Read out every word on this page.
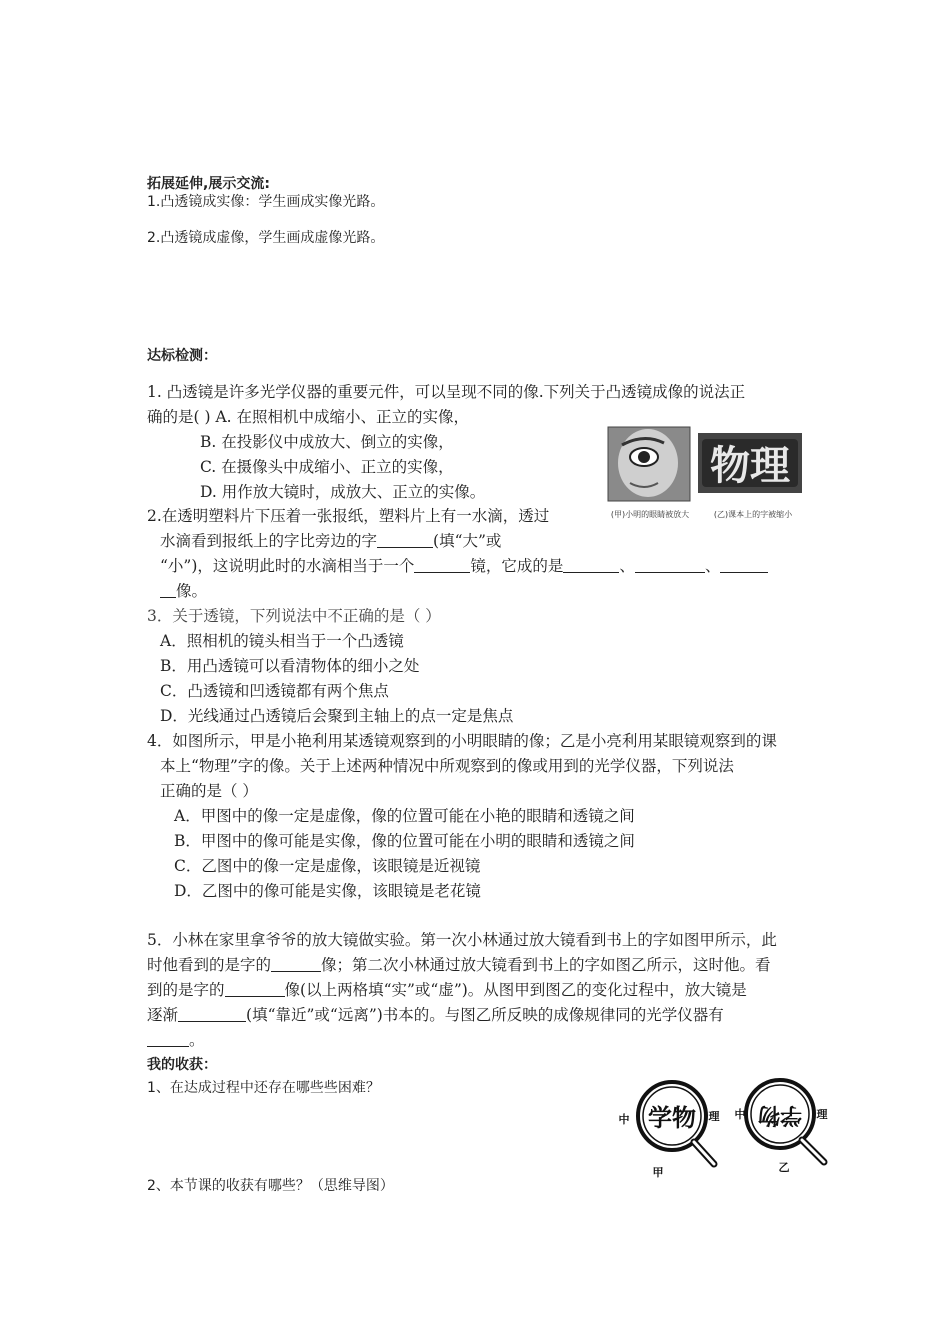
拓展延伸,展示交流:
1.凸透镜成实像：学生画成实像光路。
2.凸透镜成虚像，学生画成虚像光路。
达标检测：
1. 凸透镜是许多光学仪器的重要元件，可以呈现不同的像.下列关于凸透镜成像的说法正
确的是( ) A. 在照相机中成缩小、正立的实像，
B. 在投影仪中成放大、倒立的实像，
C. 在摄像头中成缩小、正立的实像，
D. 用作放大镜时，成放大、正立的实像。
物理
(甲)小明的眼睛被放大	(乙)课本上的字被缩小
2.在透明塑料片下压着一张报纸，塑料片上有一水滴，透过
水滴看到报纸上的字比旁边的字	(填“大”或
“小”)，这说明此时的水滴相当于一个	镜，它成的是	、	、
像。
3．关于透镜，下列说法中不正确的是（ ）
A．照相机的镜头相当于一个凸透镜
B．用凸透镜可以看清物体的细小之处
C．凸透镜和凹透镜都有两个焦点
D．光线通过凸透镜后会聚到主轴上的点一定是焦点
4．如图所示，甲是小艳利用某透镜观察到的小明眼睛的像；乙是小亮利用某眼镜观察到的课
本上“物理”字的像。关于上述两种情况中所观察到的像或用到的光学仪器，下列说法
正确的是（ ）
A．甲图中的像一定是虚像，像的位置可能在小艳的眼睛和透镜之间
B．甲图中的像可能是实像，像的位置可能在小明的眼睛和透镜之间
C．乙图中的像一定是虚像，该眼镜是近视镜
D．乙图中的像可能是实像，该眼镜是老花镜
5．小林在家里拿爷爷的放大镜做实验。第一次小林通过放大镜看到书上的字如图甲所示，此
时他看到的是字的	像；第二次小林通过放大镜看到书上的字如图乙所示，这时他。看
到的是字的	像(以上两格填“实”或“虚”)。从图甲到图乙的变化过程中，放大镜是
逐渐	(填“靠近”或“远离”)书本的。与图乙所反映的成像规律同的光学仪器有
。
我的收获：
1、在达成过程中还存在哪些些困难？
2、本节课的收获有哪些？（思维导图）
中 学物 理
甲
中 学物 理
乙
